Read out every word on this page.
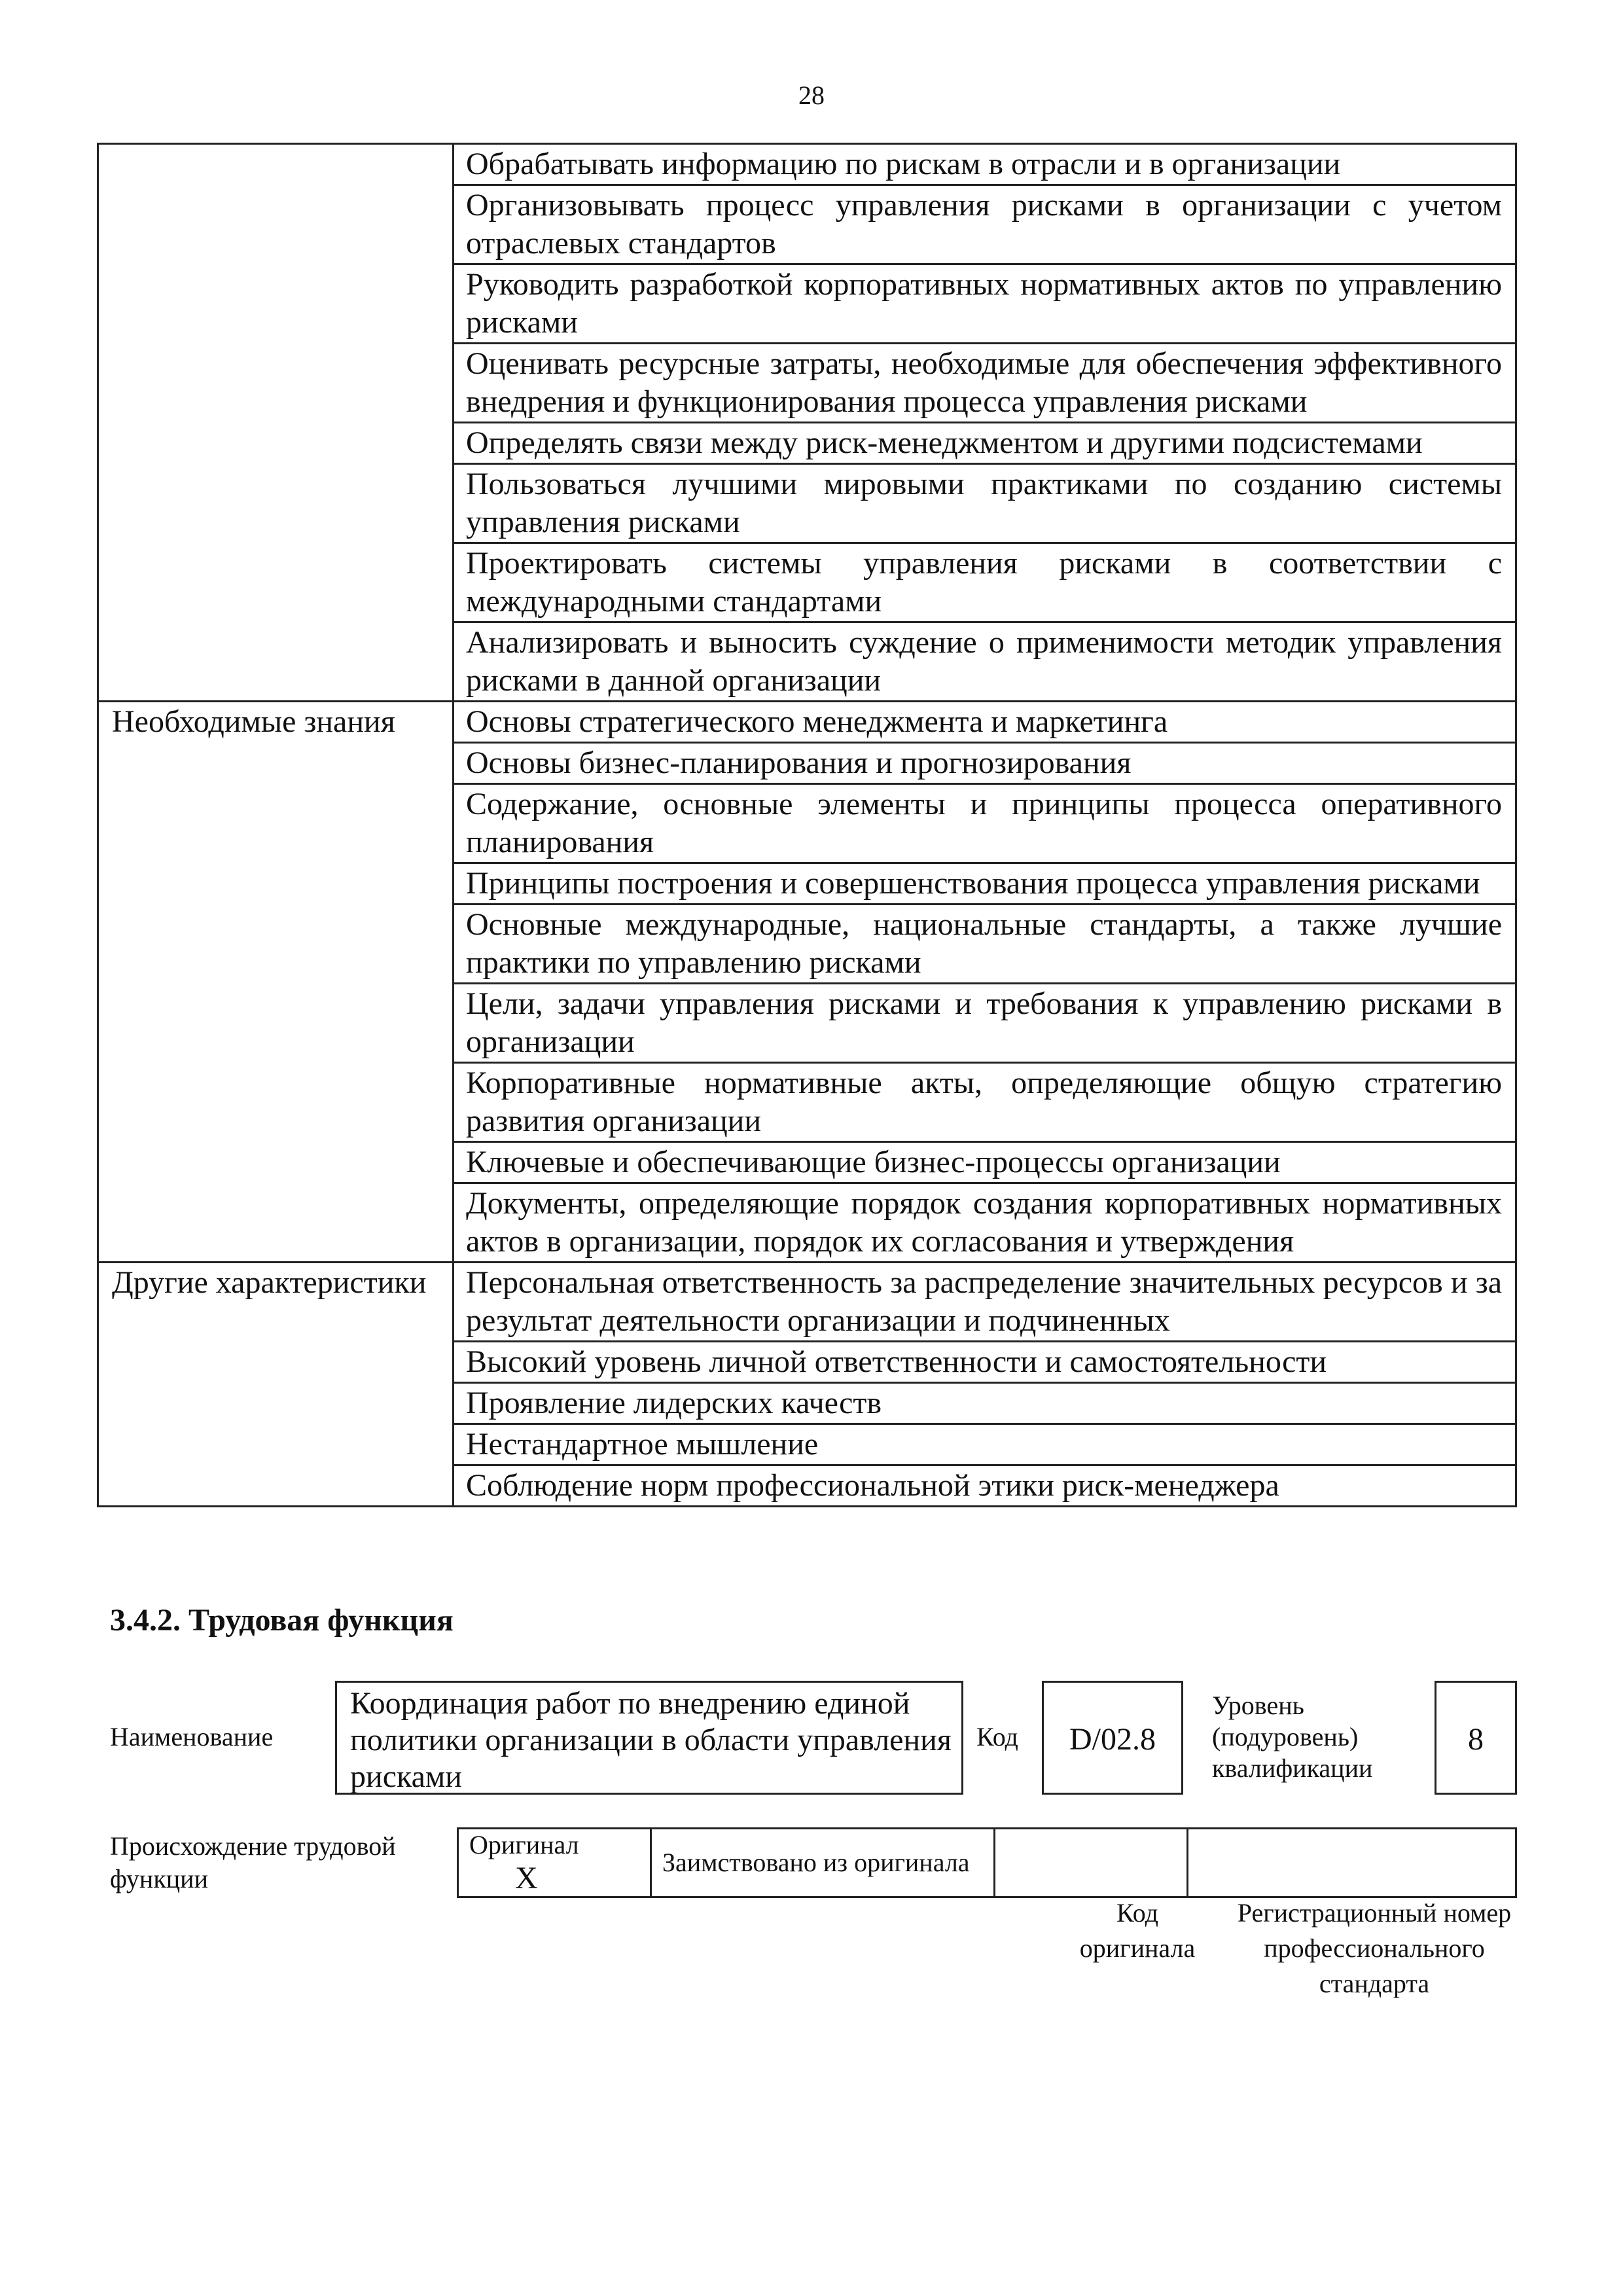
28
	Обрабатывать информацию по рискам в отрасли и в организации
	Организовывать процесс управления рисками в организации с учетом отраслевых стандартов
	Руководить разработкой корпоративных нормативных актов по управлению рисками
	Оценивать ресурсные затраты, необходимые для обеспечения эффективного внедрения и функционирования процесса управления рисками
	Определять связи между риск-менеджментом и другими подсистемами
	Пользоваться лучшими мировыми практиками по созданию системы управления рисками
	Проектировать системы управления рисками в соответствии с международными стандартами
	Анализировать и выносить суждение о применимости методик управления рисками в данной организации
Необходимые знания	Основы стратегического менеджмента и маркетинга
	Основы бизнес-планирования и прогнозирования
	Содержание, основные элементы и принципы процесса оперативного планирования
	Принципы построения и совершенствования процесса управления рисками
	Основные международные, национальные стандарты, а также лучшие практики по управлению рисками
	Цели, задачи управления рисками и требования к управлению рисками в организации
	Корпоративные нормативные акты, определяющие общую стратегию развития организации
	Ключевые и обеспечивающие бизнес-процессы организации
	Документы, определяющие порядок создания корпоративных нормативных актов в организации, порядок их согласования и утверждения
Другие характеристики	Персональная ответственность за распределение значительных ресурсов и за результат деятельности организации и подчиненных
	Высокий уровень личной ответственности и самостоятельности
	Проявление лидерских качеств
	Нестандартное мышление
	Соблюдение норм профессиональной этики риск-менеджера
3.4.2. Трудовая функция
Наименование
Координация работ по внедрению единой политики организации в области управления рисками
Код	D/02.8
Уровень (подуровень) квалификации
8
Происхождение трудовой функции
Оригинал X	Заимствовано из оригинала		
Код оригинала
Регистрационный номер профессионального стандарта
